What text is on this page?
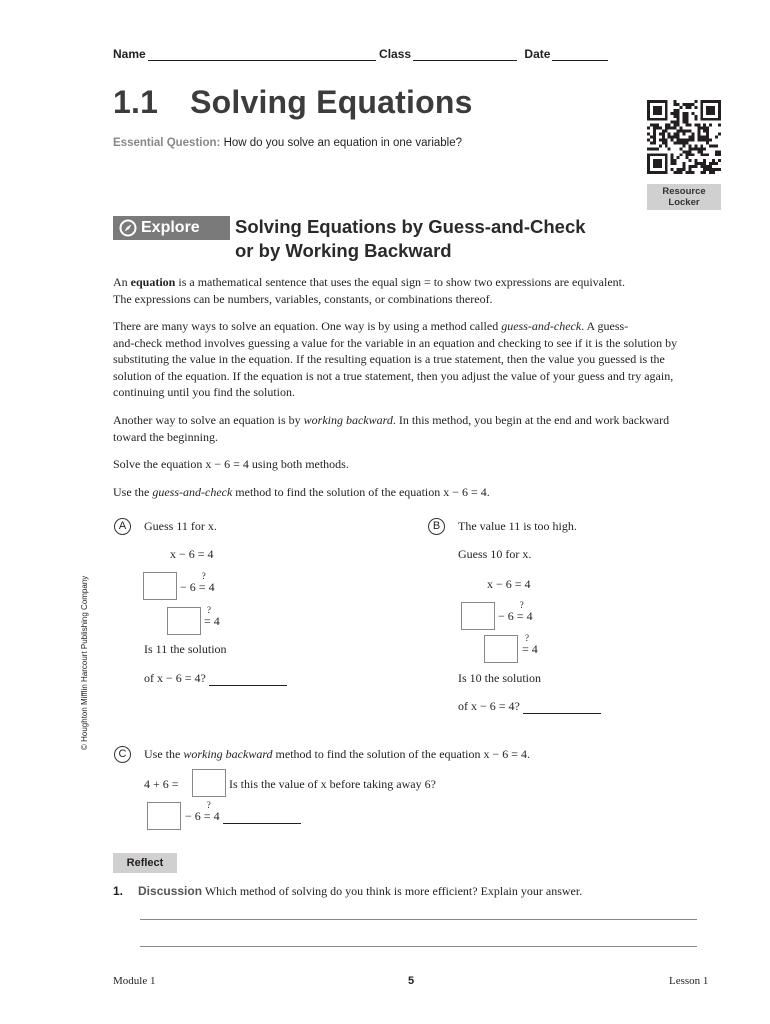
Name	Class	Date
1.1 Solving Equations
Essential Question: How do you solve an equation in one variable?
Resource
Locker
Explore	Solving Equations by Guess-and-Check
or by Working Backward

An equation is a mathematical sentence that uses the equal sign = to show two expressions are equivalent.
The expressions can be numbers, variables, constants, or combinations thereof.

There are many ways to solve an equation. One way is by using a method called guess-and-check. A guess-
and-check method involves guessing a value for the variable in an equation and checking to see if it is the solution by
substituting the value in the equation. If the resulting equation is a true statement, then the value you guessed is the
solution of the equation. If the equation is not a true statement, then you adjust the value of your guess and try again,
continuing until you find the solution.

Another way to solve an equation is by working backward. In this method, you begin at the end and work backward
toward the beginning.

Solve the equation x − 6 = 4 using both methods.

Use the guess-and-check method to find the solution of the equation x − 6 = 4.

A	Guess 11 for x.
x − 6 = 4
− 6
?
= 4
?
= 4
Is 11 the solution
of x − 6 = 4?
B	The value 11 is too high.
Guess 10 for x.
x − 6 = 4
− 6
?
= 4
?
= 4
Is 10 the solution
of x − 6 = 4?
C	Use the working backward method to find the solution of the equation x − 6 = 4.
4 + 6 =	Is this the value of x before taking away 6?
− 6
?
= 4
Reflect
1. Discussion Which method of solving do you think is more efficient? Explain your answer.
© Houghton Mifflin Harcourt Publishing Company
Module 1	5	Lesson 1
